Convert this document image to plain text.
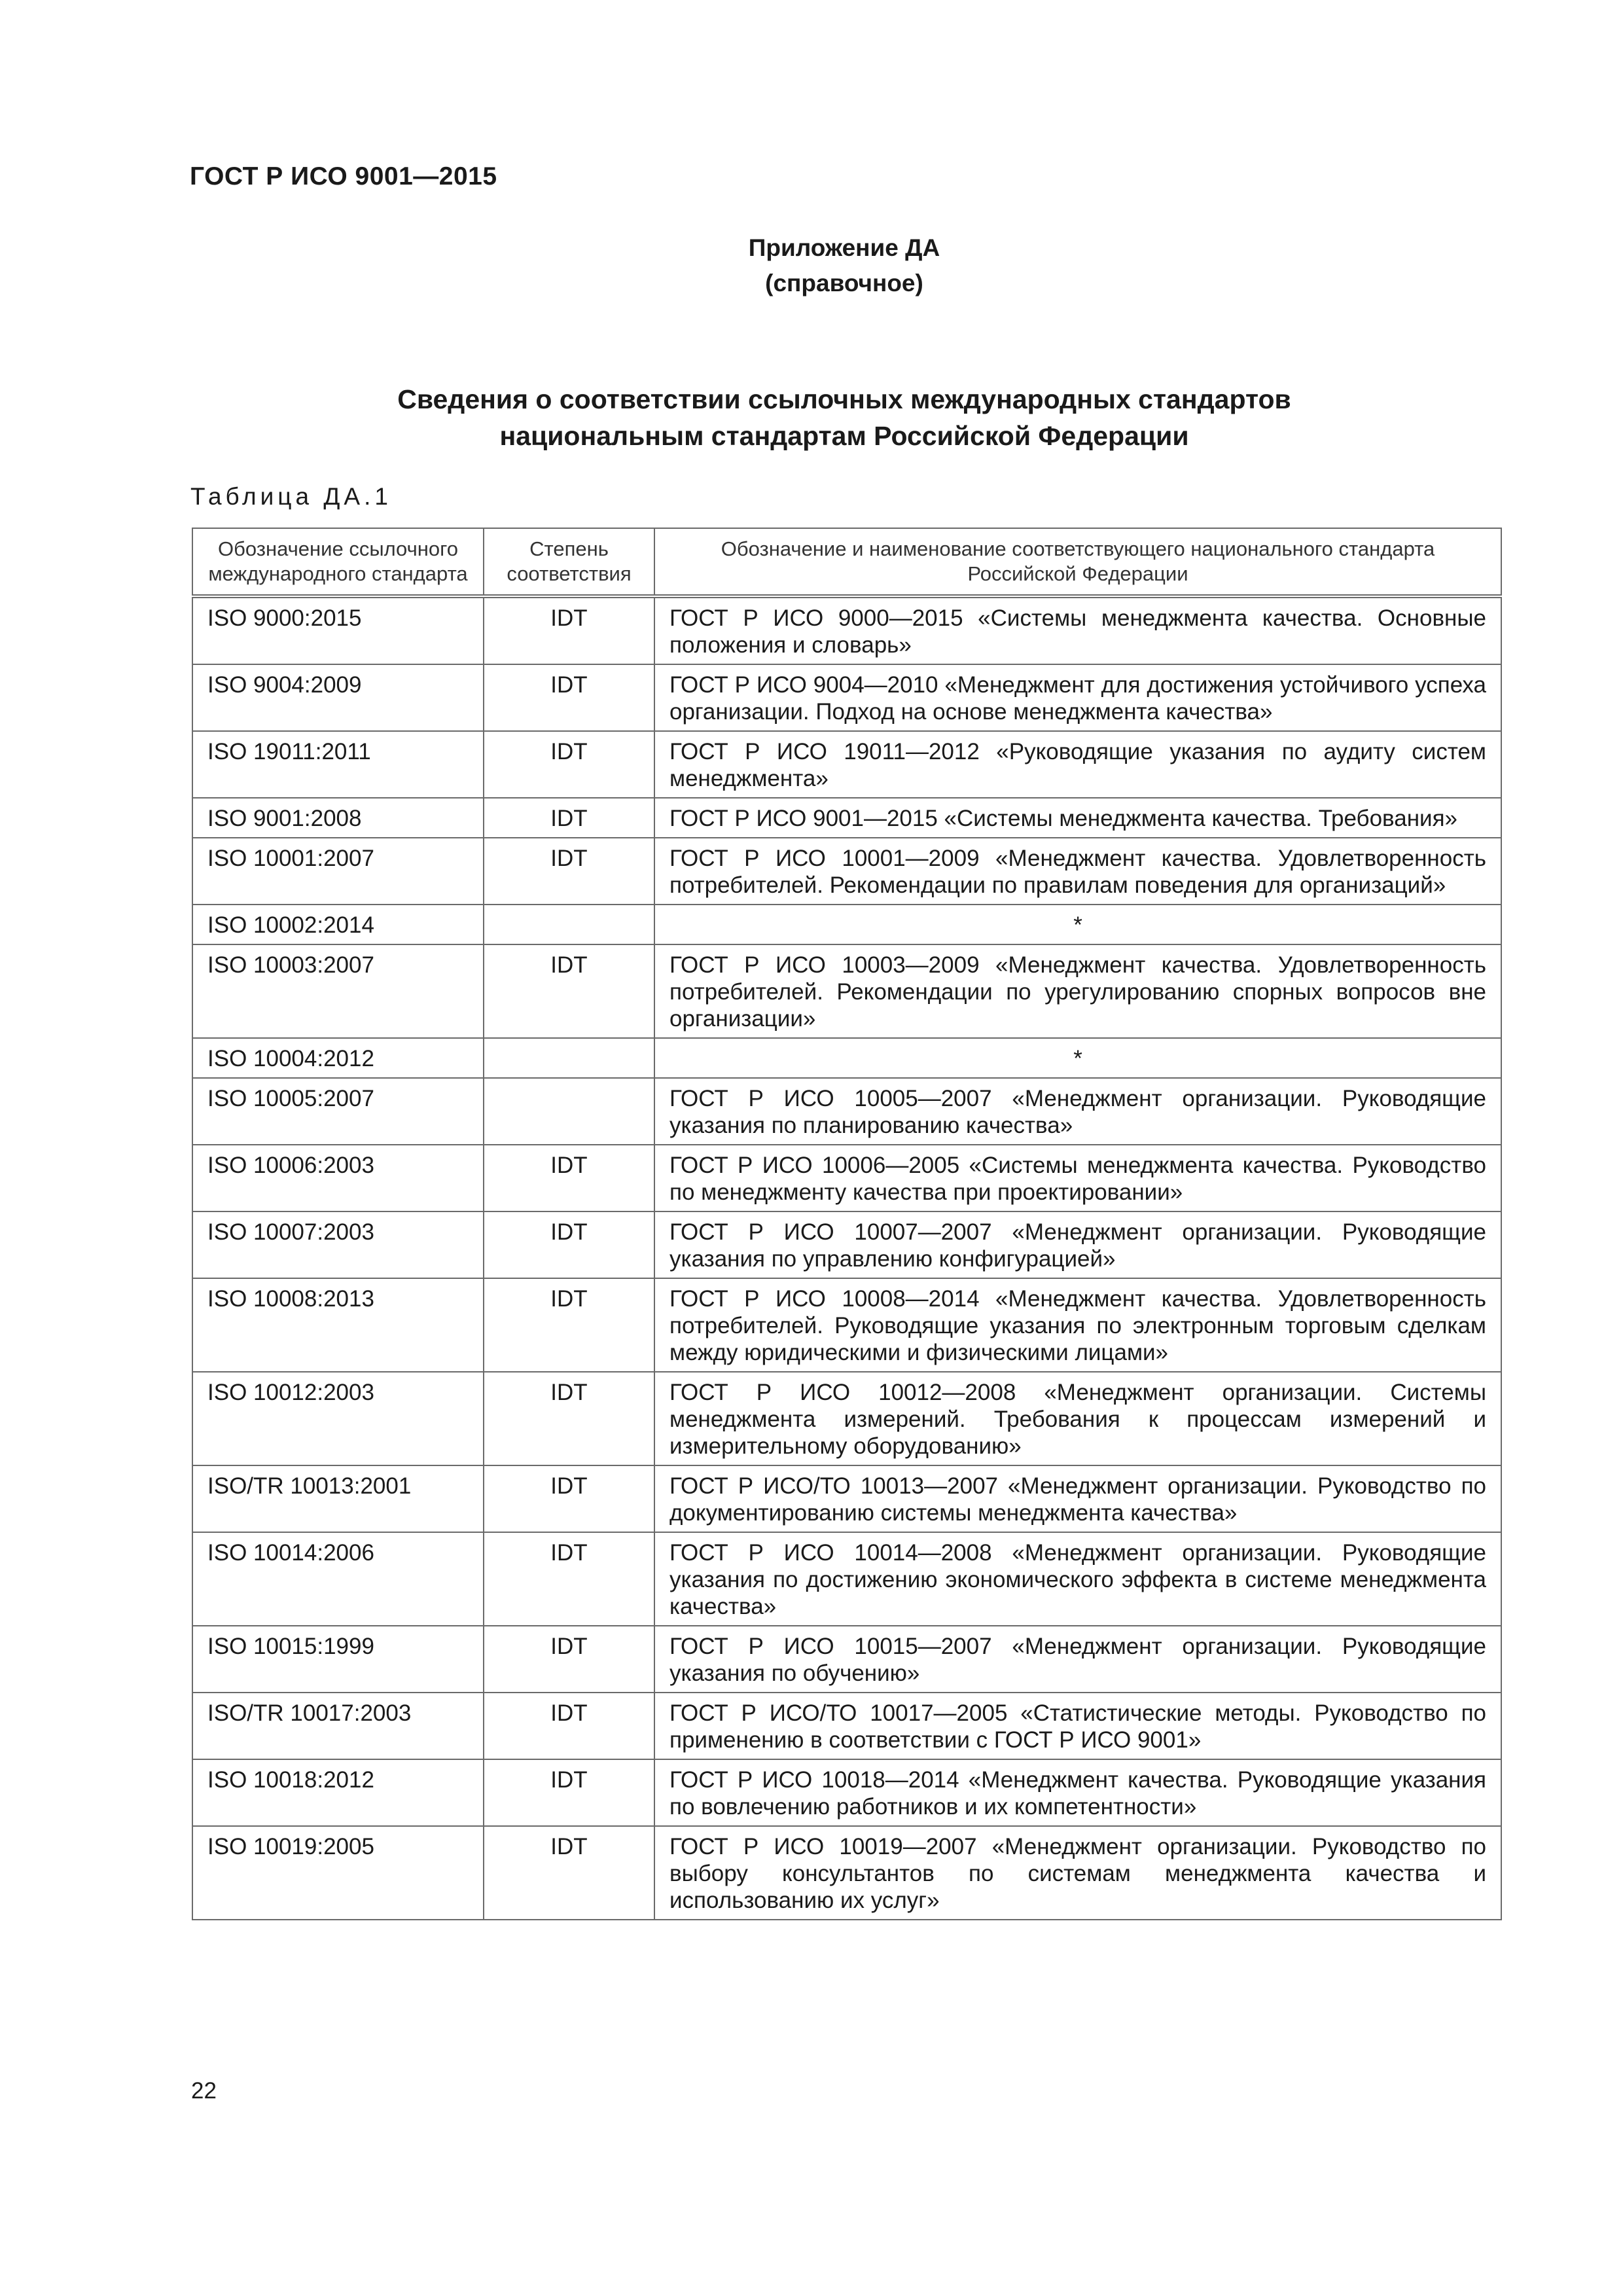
ГОСТ Р ИСО 9001—2015
Приложение ДА
(справочное)
Сведения о соответствии ссылочных международных стандартов
национальным стандартам Российской Федерации
Таблица ДА.1
Обозначение ссылочного международного стандарта	Степень соответствия	Обозначение и наименование соответствующего национального стандарта Российской Федерации
ISO 9000:2015	IDT	ГОСТ Р ИСО 9000—2015 «Системы менеджмента качества. Основные положения и словарь»
ISO 9004:2009	IDT	ГОСТ Р ИСО 9004—2010 «Менеджмент для достижения устойчивого успеха организации. Подход на основе менеджмента качества»
ISO 19011:2011	IDT	ГОСТ Р ИСО 19011—2012 «Руководящие указания по аудиту систем менеджмента»
ISO 9001:2008	IDT	ГОСТ Р ИСО 9001—2015 «Системы менеджмента качества. Требования»
ISO 10001:2007	IDT	ГОСТ Р ИСО 10001—2009 «Менеджмент качества. Удовлетворенность потребителей. Рекомендации по правилам поведения для организаций»
ISO 10002:2014		*
ISO 10003:2007	IDT	ГОСТ Р ИСО 10003—2009 «Менеджмент качества. Удовлетворенность потребителей. Рекомендации по урегулированию спорных вопросов вне организации»
ISO 10004:2012		*
ISO 10005:2007		ГОСТ Р ИСО 10005—2007 «Менеджмент организации. Руководящие указания по планированию качества»
ISO 10006:2003	IDT	ГОСТ Р ИСО 10006—2005 «Системы менеджмента качества. Руководство по менеджменту качества при проектировании»
ISO 10007:2003	IDT	ГОСТ Р ИСО 10007—2007 «Менеджмент организации. Руководящие указания по управлению конфигурацией»
ISO 10008:2013	IDT	ГОСТ Р ИСО 10008—2014 «Менеджмент качества. Удовлетворенность потребителей. Руководящие указания по электронным торговым сделкам между юридическими и физическими лицами»
ISO 10012:2003	IDT	ГОСТ Р ИСО 10012—2008 «Менеджмент организации. Системы менеджмента измерений. Требования к процессам измерений и измерительному оборудованию»
ISO/TR 10013:2001	IDT	ГОСТ Р ИСО/ТО 10013—2007 «Менеджмент организации. Руководство по документированию системы менеджмента качества»
ISO 10014:2006	IDT	ГОСТ Р ИСО 10014—2008 «Менеджмент организации. Руководящие указания по достижению экономического эффекта в системе менеджмента качества»
ISO 10015:1999	IDT	ГОСТ Р ИСО 10015—2007 «Менеджмент организации. Руководящие указания по обучению»
ISO/TR 10017:2003	IDT	ГОСТ Р ИСО/ТО 10017—2005 «Статистические методы. Руководство по применению в соответствии с ГОСТ Р ИСО 9001»
ISO 10018:2012	IDT	ГОСТ Р ИСО 10018—2014 «Менеджмент качества. Руководящие указания по вовлечению работников и их компетентности»
ISO 10019:2005	IDT	ГОСТ Р ИСО 10019—2007 «Менеджмент организации. Руководство по выбору консультантов по системам менеджмента качества и использованию их услуг»
22
